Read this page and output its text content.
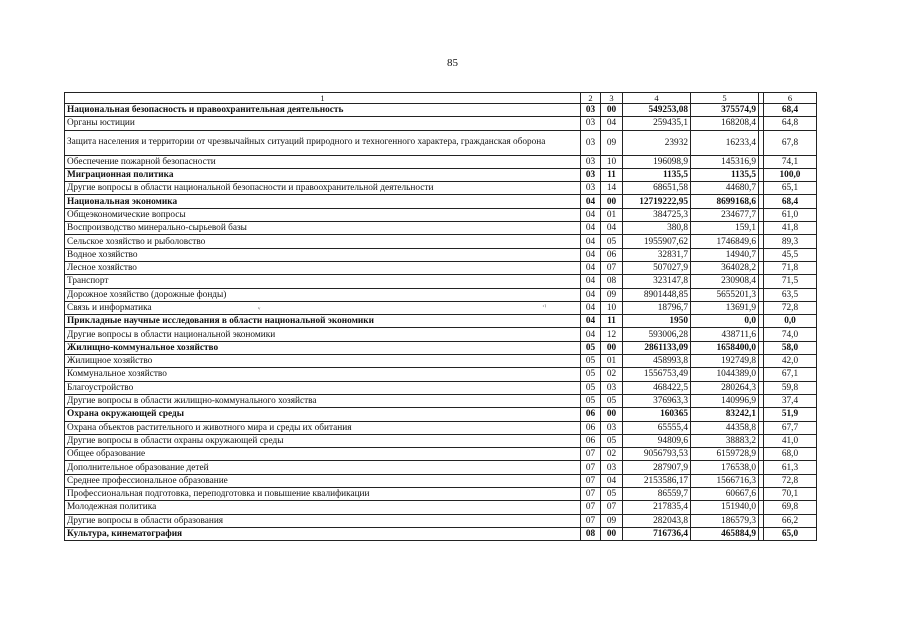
85
1	2	3	4	5		6
Национальная безопасность и правоохранительная деятельность	03	00	549253,08	375574,9		68,4
Органы юстиции	03	04	259435,1	168208,4		64,8
Защита населения и территории от чрезвычайных ситуаций природного и техногенного характера, гражданская оборона	03	09	23932	16233,4		67,8
Обеспечение пожарной безопасности	03	10	196098,9	145316,9		74,1
Миграционная политика	03	11	1135,5	1135,5		100,0
Другие вопросы в области национальной безопасности и правоохранительной деятельности	03	14	68651,58	44680,7		65,1
Национальная экономика	04	00	12719222,95	8699168,6		68,4
Общеэкономические вопросы	04	01	384725,3	234677,7		61,0
Воспроизводство минерально-сырьевой базы	04	04	380,8	159,1		41,8
Сельское хозяйство и рыболовство	04	05	1955907,62	1746849,6		89,3
Водное хозяйство	04	06	32831,7	14940,7		45,5
Лесное хозяйство	04	07	507027,9	364028,2		71,8
Транспорт	04	08	323147,8	230908,4		71,5
Дорожное хозяйство (дорожные фонды)	04	09	8901448,85	5655201,3		63,5
Связь и информатика	04	10	18796,7	13691,9		72,8
Прикладные научные исследования в области национальной экономики	04	11	1950	0,0		0,0
Другие вопросы в области национальной экономики	04	12	593006,28	438711,6		74,0
Жилищно-коммунальное хозяйство	05	00	2861133,09	1658400,0		58,0
Жилищное хозяйство	05	01	458993,8	192749,8		42,0
Коммунальное хозяйство	05	02	1556753,49	1044389,0		67,1
Благоустройство	05	03	468422,5	280264,3		59,8
Другие вопросы в области жилищно-коммунального хозяйства	05	05	376963,3	140996,9		37,4
Охрана окружающей среды	06	00	160365	83242,1		51,9
Охрана объектов растительного и животного мира и среды их обитания	06	03	65555,4	44358,8		67,7
Другие вопросы в области охраны окружающей среды	06	05	94809,6	38883,2		41,0
Общее образование	07	02	9056793,53	6159728,9		68,0
Дополнительное образование детей	07	03	287907,9	176538,0		61,3
Среднее профессиональное образование	07	04	2153586,17	1566716,3		72,8
Профессиональная подготовка, переподготовка и повышение квалификации	07	05	86559,7	60667,6		70,1
Молодежная политика	07	07	217835,4	151940,0		69,8
Другие вопросы в области образования	07	09	282043,8	186579,3		66,2
Культура, кинематография	08	00	716736,4	465884,9		65,0
ᵥ	·ᵎ
